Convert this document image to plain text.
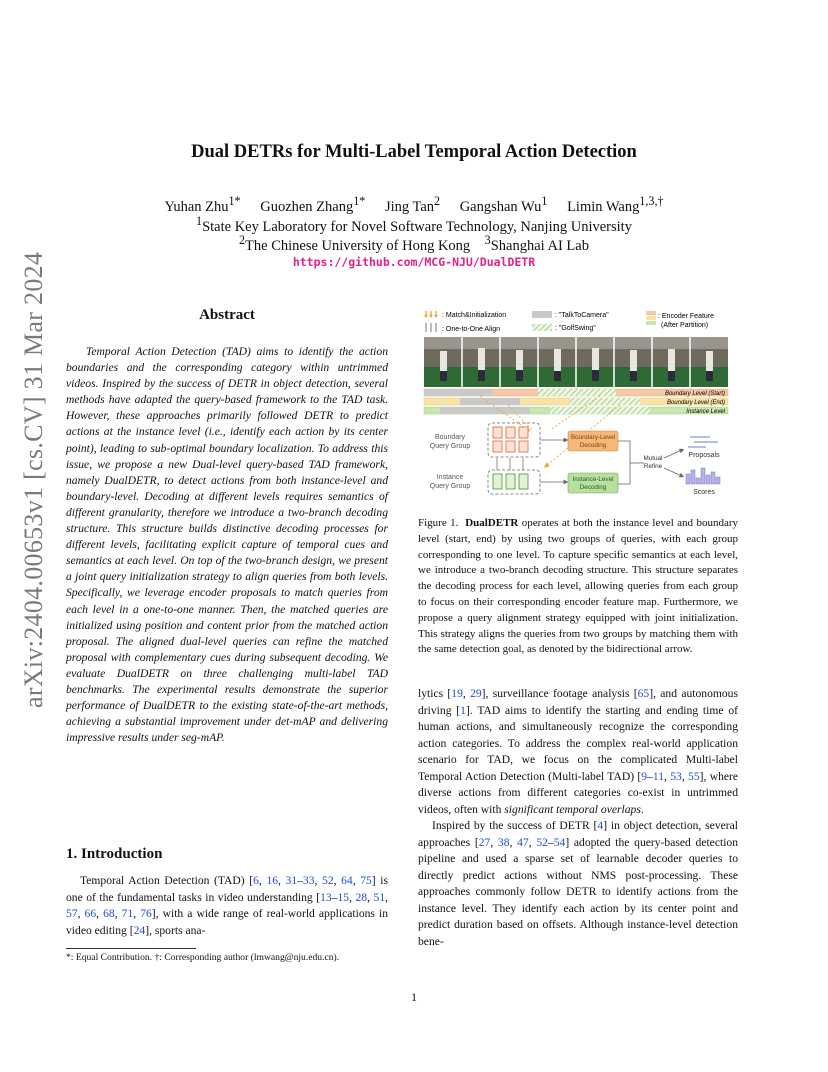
arXiv:2404.00653v1 [cs.CV] 31 Mar 2024
Dual DETRs for Multi-Label Temporal Action Detection
Yuhan Zhu$^{1*}$ Guozhen Zhang$^{1*}$ Jing Tan$^2$ Gangshan Wu$^1$ Limin Wang$^{1,3,\dagger}$
$^1$State Key Laboratory for Novel Software Technology, Nanjing University
$^2$The Chinese University of Hong Kong $^3$Shanghai AI Lab
https://github.com/MCG-NJU/DualDETR
Abstract

Temporal Action Detection (TAD) aims to identify the action boundaries and the corresponding category within untrimmed videos. Inspired by the success of DETR in object detection, several methods have adapted the query-based framework to the TAD task. However, these approaches primarily followed DETR to predict actions at the instance level (i.e., identify each action by its center point), leading to sub-optimal boundary localization. To address this issue, we propose a new Dual-level query-based TAD framework, namely DualDETR, to detect actions from both instance-level and boundary-level. Decoding at different levels requires semantics of different granularity, therefore we introduce a two-branch decoding structure. This structure builds distinctive decoding processes for different levels, facilitating explicit capture of temporal cues and semantics at each level. On top of the two-branch design, we present a joint query initialization strategy to align queries from both levels. Specifically, we leverage encoder proposals to match queries from each level in a one-to-one manner. Then, the matched queries are initialized using position and content prior from the matched action proposal. The aligned dual-level queries can refine the matched proposal with complementary cues during subsequent decoding. We evaluate DualDETR on three challenging multi-label TAD benchmarks. The experimental results demonstrate the superior performance of DualDETR to the existing state-of-the-art methods, achieving a substantial improvement under det-mAP and delivering impressive results under seg-mAP.

1. Introduction

Temporal Action Detection (TAD) [6, 16, 31–33, 52, 64, 75] is one of the fundamental tasks in video understanding [13–15, 28, 51, 57, 66, 68, 71, 76], with a wide range of real-world applications in video editing [24], sports ana-

*: Equal Contribution. †: Corresponding author (lmwang@nju.edu.cn).
1
: Match&Initialization
: One-to-One Align
: "TalkToCamera"
: "GolfSwing"
: Encoder Feature
(After Partition)
Boundary Level (Start)
Boundary Level (End)
Instance Level
Boundary
Query Group
Instance
Query Group
Boundary-Level
Decoding
Instance-Level
Decoding
Mutual
Refine
Proposals
Scores
Figure 1. DualDETR operates at both the instance level and boundary level (start, end) by using two groups of queries, with each group corresponding to one level. To capture specific semantics at each level, we introduce a two-branch decoding structure. This structure separates the decoding process for each level, allowing queries from each group to focus on their corresponding encoder feature map. Furthermore, we propose a query alignment strategy equipped with joint initialization. This strategy aligns the queries from two groups by matching them with the same detection goal, as denoted by the bidirectional arrow.

lytics [19, 29], surveillance footage analysis [65], and autonomous driving [1]. TAD aims to identify the starting and ending time of human actions, and simultaneously recognize the corresponding action categories. To address the complex real-world application scenario for TAD, we focus on the complicated Multi-label Temporal Action Detection (Multi-label TAD) [9–11, 53, 55], where diverse actions from different categories co-exist in untrimmed videos, often with significant temporal overlaps.

Inspired by the success of DETR [4] in object detection, several approaches [27, 38, 47, 52–54] adopted the query-based detection pipeline and used a sparse set of learnable decoder queries to directly predict actions without NMS post-processing. These approaches commonly follow DETR to identify actions from the instance level. They identify each action by its center point and predict duration based on offsets. Although instance-level detection bene-
